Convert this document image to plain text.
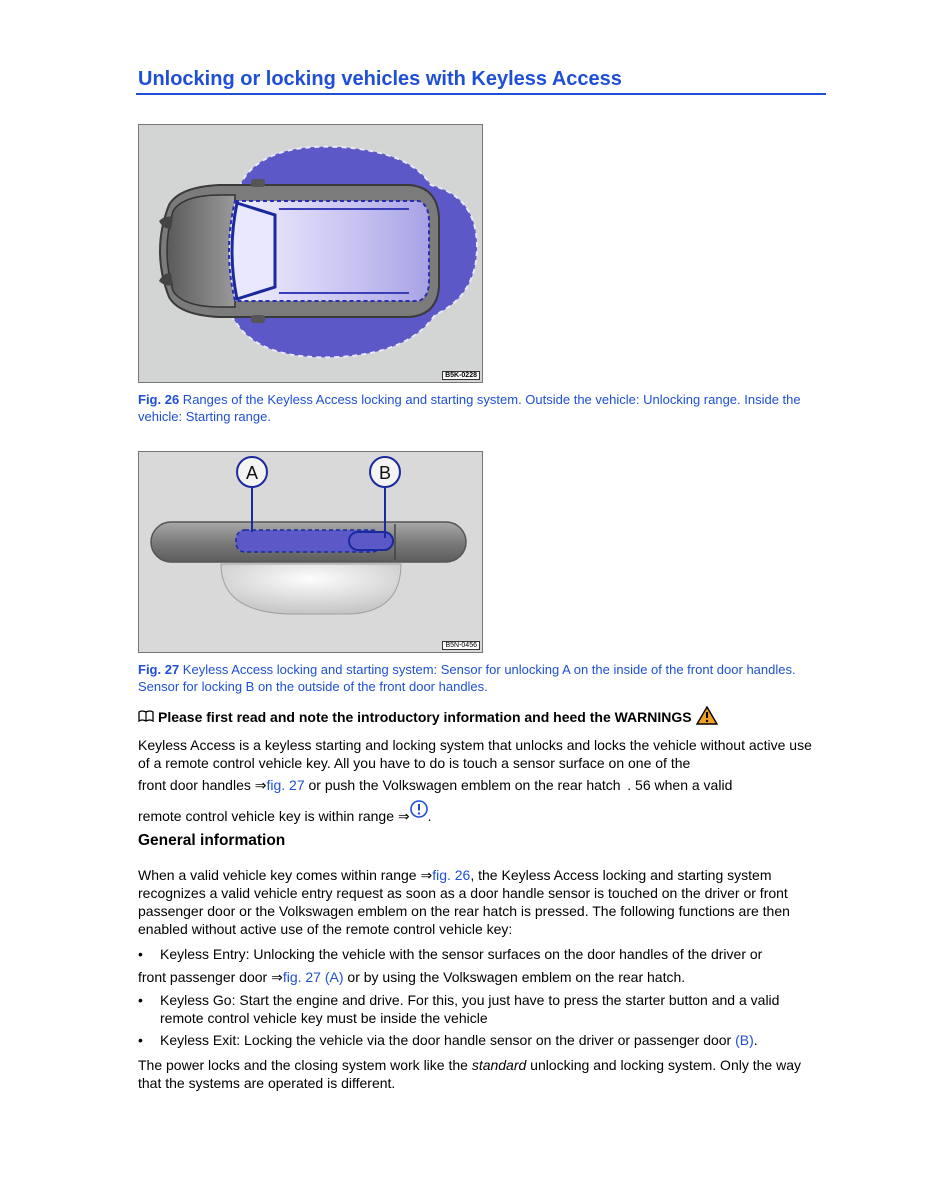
Unlocking or locking vehicles with Keyless Access
B5K-0228
Fig. 26 Ranges of the Keyless Access locking and starting system. Outside the vehicle: Unlocking range. Inside the vehicle: Starting range.
A	B
B5N-0456
Fig. 27 Keyless Access locking and starting system: Sensor for unlocking A on the inside of the front door handles. Sensor for locking B on the outside of the front door handles.
Please first read and note the introductory information and heed the WARNINGS
Keyless Access is a keyless starting and locking system that unlocks and locks the vehicle without active use of a remote control vehicle key. All you have to do is touch a sensor surface on one of the
front door handles ⇒fig. 27 or push the Volkswagen emblem on the rear hatch  . 56 when a valid
remote control vehicle key is within range ⇒ .
General information
When a valid vehicle key comes within range ⇒fig. 26, the Keyless Access locking and starting system recognizes a valid vehicle entry request as soon as a door handle sensor is touched on the driver or front passenger door or the Volkswagen emblem on the rear hatch is pressed. The following functions are then enabled without active use of the remote control vehicle key:
• Keyless Entry: Unlocking the vehicle with the sensor surfaces on the door handles of the driver or
front passenger door ⇒fig. 27 (A) or by using the Volkswagen emblem on the rear hatch.
• Keyless Go: Start the engine and drive. For this, you just have to press the starter button and a valid remote control vehicle key must be inside the vehicle
• Keyless Exit: Locking the vehicle via the door handle sensor on the driver or passenger door (B).
The power locks and the closing system work like the standard unlocking and locking system. Only the way that the systems are operated is different.
